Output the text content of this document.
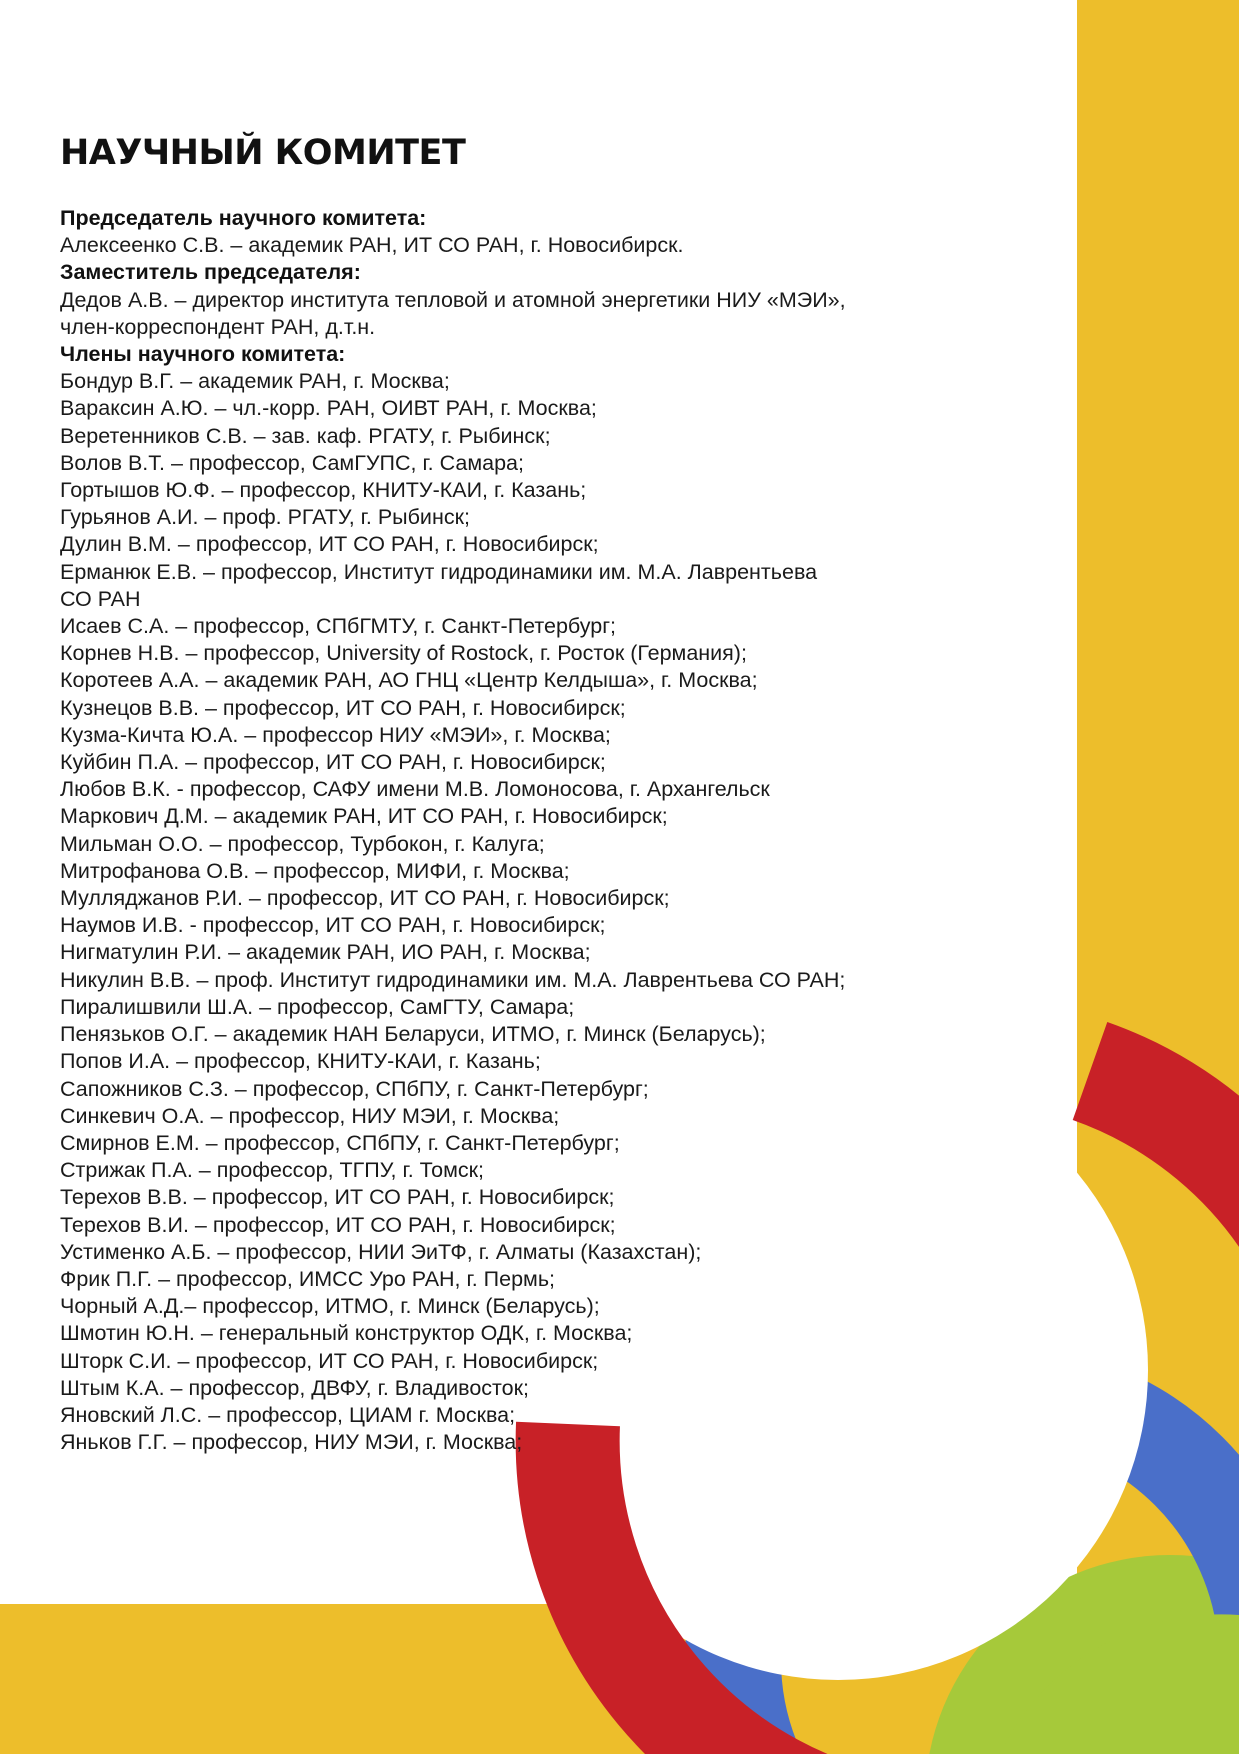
НАУЧНЫЙ КОМИТЕТ
Председатель научного комитета:
Алексеенко С.В. – академик РАН, ИТ СО РАН, г. Новосибирск.
Заместитель председателя:
Дедов А.В. – директор института тепловой и атомной энергетики НИУ «МЭИ»,
член-корреспондент РАН, д.т.н.
Члены научного комитета:
Бондур В.Г. – академик РАН, г. Москва;
Вараксин А.Ю. – чл.-корр. РАН, ОИВТ РАН, г. Москва;
Веретенников С.В. – зав. каф. РГАТУ, г. Рыбинск;
Волов В.Т. – профессор, СамГУПС, г. Самара;
Гортышов Ю.Ф. – профессор, КНИТУ-КАИ, г. Казань;
Гурьянов А.И. – проф. РГАТУ, г. Рыбинск;
Дулин В.М. – профессор, ИТ СО РАН, г. Новосибирск;
Ерманюк Е.В. – профессор, Институт гидродинамики им. М.А. Лаврентьева
СО РАН
Исаев С.А. – профессор, СПбГМТУ, г. Санкт-Петербург;
Корнев Н.В. – профессор, University of Rostock, г. Росток (Германия);
Коротеев А.А. – академик РАН, АО ГНЦ «Центр Келдыша», г. Москва;
Кузнецов В.В. – профессор, ИТ СО РАН, г. Новосибирск;
Кузма-Кичта Ю.А. – профессор НИУ «МЭИ», г. Москва;
Куйбин П.А. – профессор, ИТ СО РАН, г. Новосибирск;
Любов В.К. - профессор, САФУ имени М.В. Ломоносова, г. Архангельск
Маркович Д.М. – академик РАН, ИТ СО РАН, г. Новосибирск;
Мильман О.О. – профессор, Турбокон, г. Калуга;
Митрофанова О.В. – профессор, МИФИ, г. Москва;
Мулляджанов Р.И. – профессор, ИТ СО РАН, г. Новосибирск;
Наумов И.В. - профессор, ИТ СО РАН, г. Новосибирск;
Нигматулин Р.И. – академик РАН, ИО РАН, г. Москва;
Никулин В.В. – проф. Институт гидродинамики им. М.А. Лаврентьева СО РАН;
Пиралишвили Ш.А. – профессор, СамГТУ, Самара;
Пенязьков О.Г. – академик НАН Беларуси, ИТМО, г. Минск (Беларусь);
Попов И.А. – профессор, КНИТУ-КАИ, г. Казань;
Сапожников С.З. – профессор, СПбПУ, г. Санкт-Петербург;
Синкевич О.А. – профессор, НИУ МЭИ, г. Москва;
Смирнов Е.М. – профессор, СПбПУ, г. Санкт-Петербург;
Стрижак П.А. – профессор, ТГПУ, г. Томск;
Терехов В.В. – профессор, ИТ СО РАН, г. Новосибирск;
Терехов В.И. – профессор, ИТ СО РАН, г. Новосибирск;
Устименко А.Б. – профессор, НИИ ЭиТФ, г. Алматы (Казахстан);
Фрик П.Г. – профессор, ИМСС Уро РАН, г. Пермь;
Чорный А.Д.– профессор, ИТМО, г. Минск (Беларусь);
Шмотин Ю.Н. – генеральный конструктор ОДК, г. Москва;
Шторк С.И. – профессор, ИТ СО РАН, г. Новосибирск;
Штым К.А. – профессор, ДВФУ, г. Владивосток;
Яновский Л.С. – профессор, ЦИАМ г. Москва;
Яньков Г.Г. – профессор, НИУ МЭИ, г. Москва;
